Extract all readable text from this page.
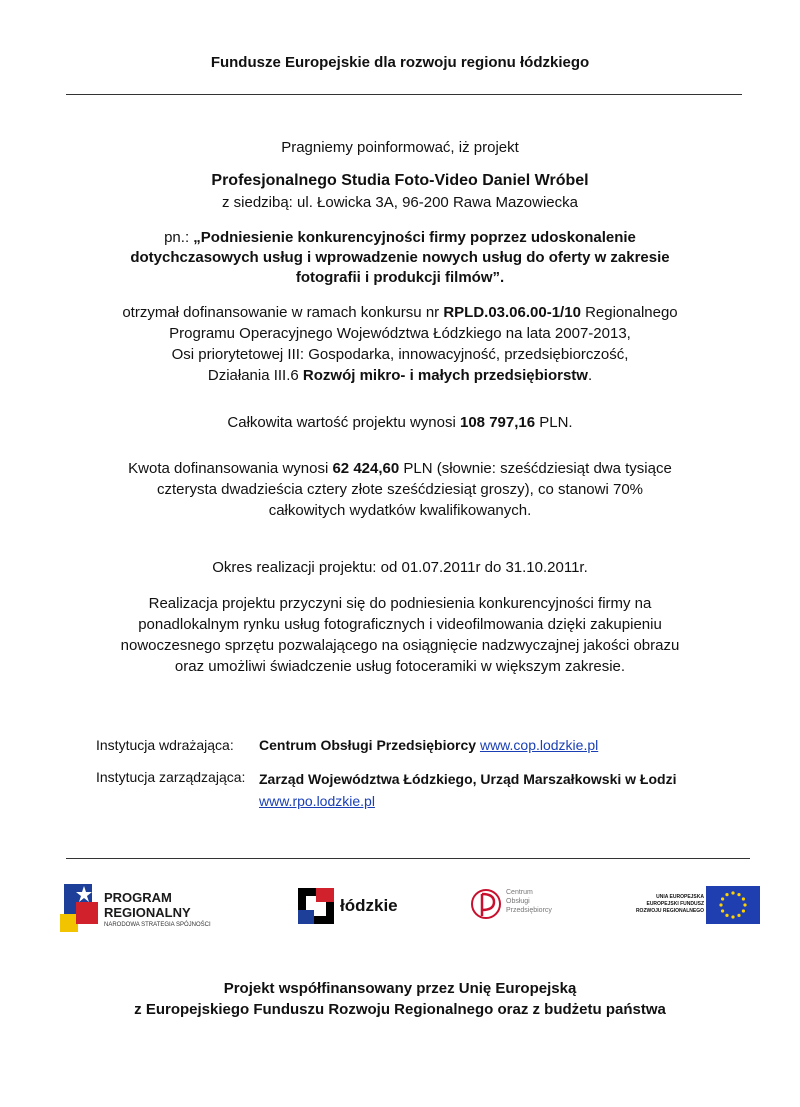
Fundusze Europejskie dla rozwoju regionu łódzkiego
Pragniemy poinformować, iż projekt
Profesjonalnego Studia Foto-Video Daniel Wróbel
z siedzibą: ul. Łowicka 3A, 96-200 Rawa Mazowiecka
pn.: „Podniesienie konkurencyjności firmy poprzez udoskonalenie
dotychczasowych usług i wprowadzenie nowych usług do oferty w zakresie
fotografii i produkcji filmów”.
otrzymał dofinansowanie w ramach konkursu nr RPLD.03.06.00-1/10 Regionalnego
Programu Operacyjnego Województwa Łódzkiego na lata 2007-2013,
Osi priorytetowej III: Gospodarka, innowacyjność, przedsiębiorczość,
Działania III.6 Rozwój mikro- i małych przedsiębiorstw.
Całkowita wartość projektu wynosi 108 797,16 PLN.
Kwota dofinansowania wynosi 62 424,60 PLN (słownie: sześćdziesiąt dwa tysiące
czterysta dwadzieścia cztery złote sześćdziesiąt groszy), co stanowi 70%
całkowitych wydatków kwalifikowanych.
Okres realizacji projektu: od 01.07.2011r do 31.10.2011r.
Realizacja projektu przyczyni się do podniesienia konkurencyjności firmy na
ponadlokalnym rynku usług fotograficznych i videofilmowania dzięki zakupieniu
nowoczesnego sprzętu pozwalającego na osiągnięcie nadzwyczajnej jakości obrazu
oraz umożliwi świadczenie usług fotoceramiki w większym zakresie.
Instytucja wdrażająca: Centrum Obsługi Przedsiębiorcy www.cop.lodzkie.pl
Instytucja zarządzająca: Zarząd Województwa Łódzkiego, Urząd Marszałkowski w Łodzi
www.rpo.lodzkie.pl
PROGRAM
REGIONALNY
NARODOWA STRATEGIA SPÓJNOŚCI
łódzkie
Centrum
Obsługi
Przedsiębiorcy
UNIA EUROPEJSKA
EUROPEJSKI FUNDUSZ
ROZWOJU REGIONALNEGO
Projekt współfinansowany przez Unię Europejską
z Europejskiego Funduszu Rozwoju Regionalnego oraz z budżetu państwa
